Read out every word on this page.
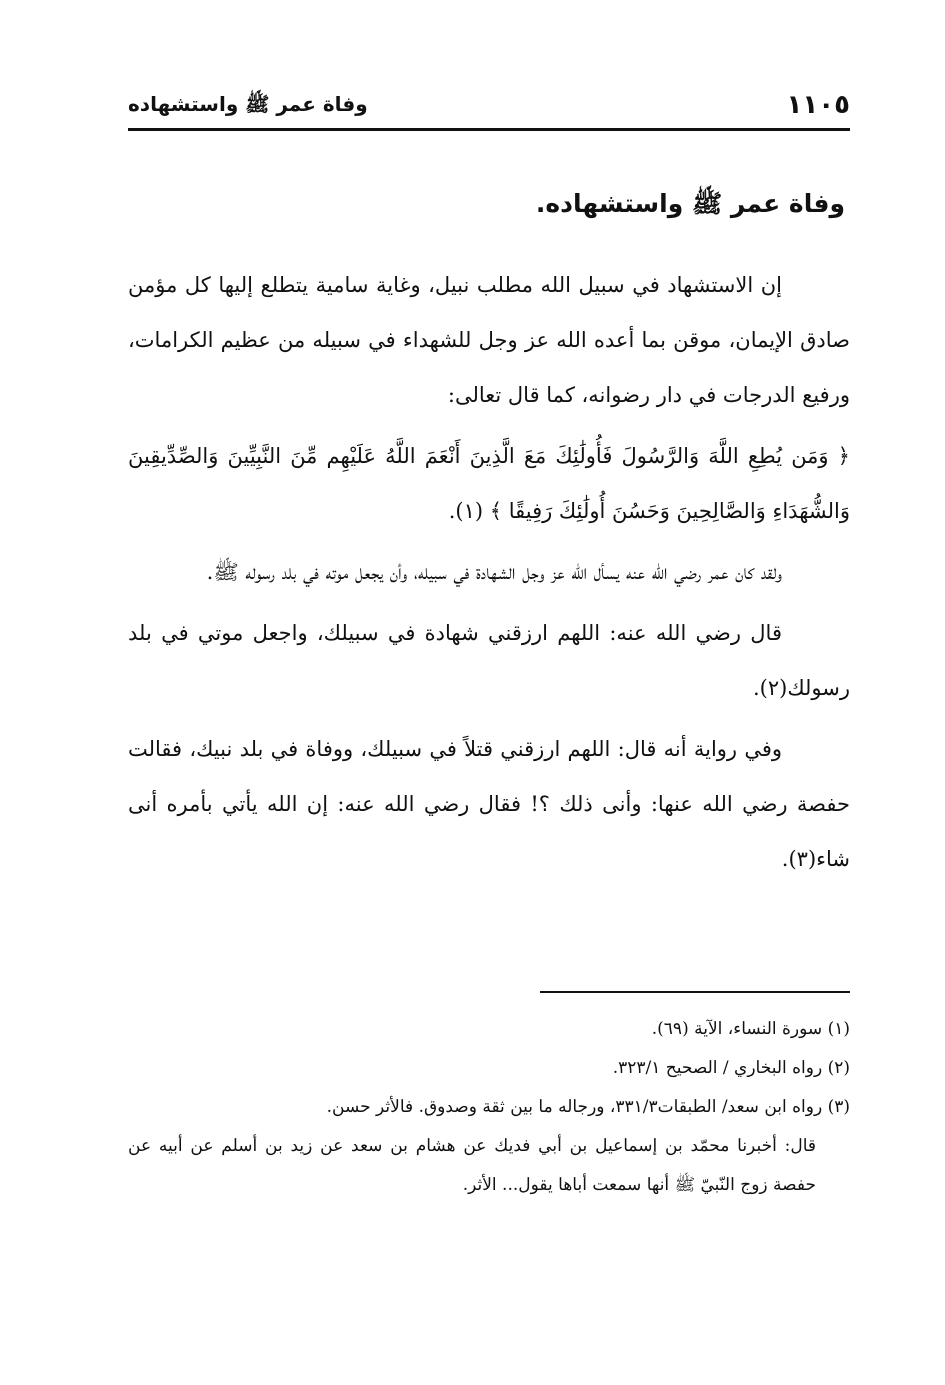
١١٠٥
وفاة عمر ﷺ واستشهاده
وفاة عمر ﷺ واستشهاده.

إن الاستشهاد في سبيل الله مطلب نبيل، وغاية سامية يتطلع إليها كل مؤمن صادق الإيمان، موقن بما أعده الله عز وجل للشهداء في سبيله من عظيم الكرامات، ورفيع الدرجات في دار رضوانه، كما قال تعالى:

﴿ وَمَن يُطِعِ اللَّهَ وَالرَّسُولَ فَأُولَٰئِكَ مَعَ الَّذِينَ أَنْعَمَ اللَّهُ عَلَيْهِم مِّنَ النَّبِيِّينَ وَالصِّدِّيقِينَ وَالشُّهَدَاءِ وَالصَّالِحِينَ وَحَسُنَ أُولَٰئِكَ رَفِيقًا ﴾ (١).

ولقد كان عمر رضي الله عنه يسأل الله عز وجل الشهادة في سبيله، وأن يجعل موته في بلد رسوله ﷺ.

قال رضي الله عنه: اللهم ارزقني شهادة في سبيلك، واجعل موتي في بلد رسولك(٢).

وفي رواية أنه قال: اللهم ارزقني قتلاً في سبيلك، ووفاة في بلد نبيك، فقالت حفصة رضي الله عنها: وأنى ذلك ؟! فقال رضي الله عنه: إن الله يأتي بأمره أنى شاء(٣).

(١) سورة النساء، الآية (٦٩).
(٢) رواه البخاري / الصحيح ٣٢٣/١.
(٣) رواه ابن سعد/ الطبقات٣٣١/٣، ورجاله ما بين ثقة وصدوق. فالأثر حسن.
قال: أخبرنا محمّد بن إسماعيل بن أبي فديك عن هشام بن سعد عن زيد بن أسلم عن أبيه عن حفصة زوج النّبيّ ﷺ أنها سمعت أباها يقول... الأثر.
